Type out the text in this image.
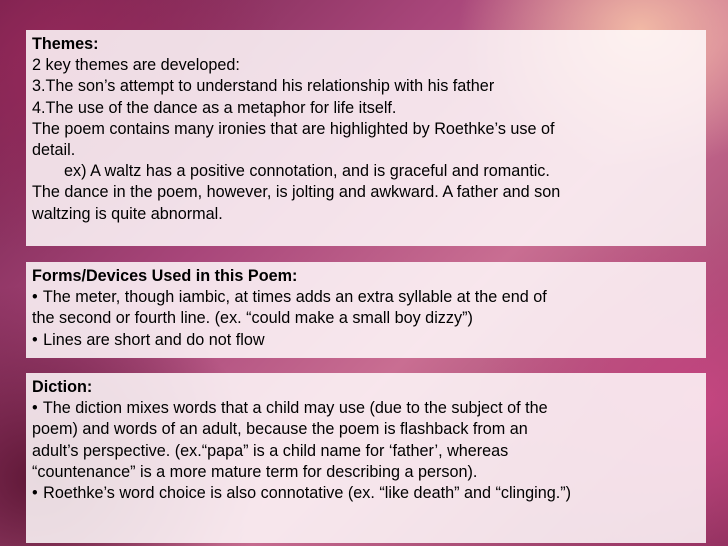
Themes:
2 key themes are developed:
3.The son’s attempt to understand his relationship with his father
4.The use of the dance as a metaphor for life itself.
The poem contains many ironies that are highlighted by Roethke’s use of
detail.
ex) A waltz has a positive connotation, and is graceful and romantic.
The dance in the poem, however, is jolting and awkward. A father and son
waltzing is quite abnormal.
Forms/Devices Used in this Poem:
• The meter, though iambic, at times adds an extra syllable at the end of
the second or fourth line. (ex. “could make a small boy dizzy”)
• Lines are short and do not flow
Diction:
• The diction mixes words that a child may use (due to the subject of the
poem) and words of an adult, because the poem is flashback from an
adult’s perspective. (ex.“papa” is a child name for ‘father’, whereas
“countenance” is a more mature term for describing a person).
• Roethke’s word choice is also connotative (ex. “like death” and “clinging.”)
